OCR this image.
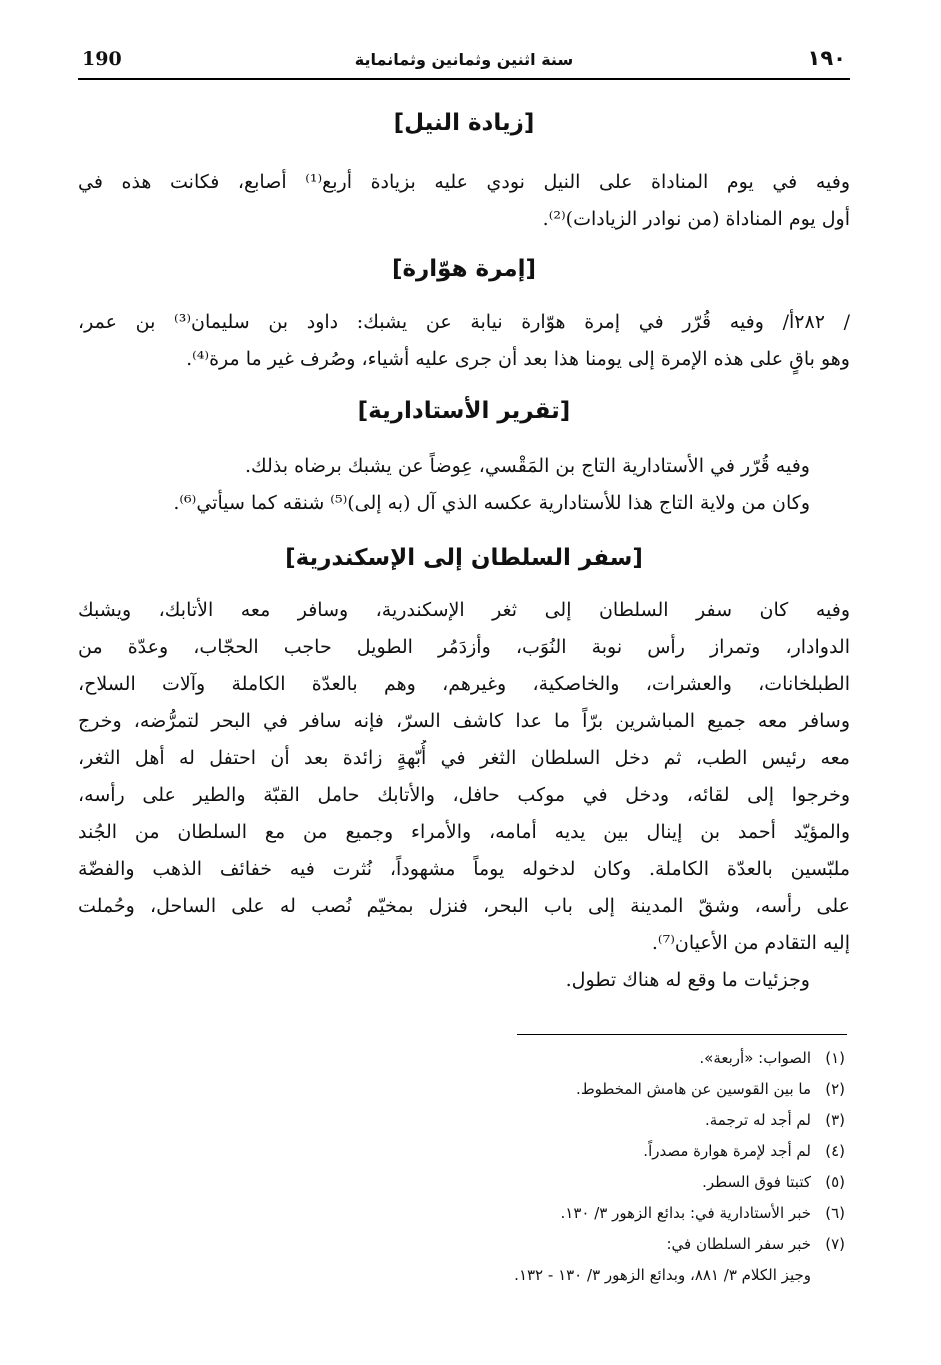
190	سنة اثنين وثمانين وثمانماية	١٩٠
[زيادة النيل]
وفيه في يوم المناداة على النيل نودي عليه بزيادة أربع⁽¹⁾ أصابع، فكانت هذه في
أول يوم المناداة (من نوادر الزيادات)⁽²⁾.
[إمرة هوّارة]
/ ٢٨٢أ/ وفيه قُرّر في إمرة هوّارة نيابة عن يشبك: داود بن سليمان⁽³⁾ بن عمر،
وهو باقٍ على هذه الإمرة إلى يومنا هذا بعد أن جرى عليه أشياء، وصُرف غير ما مرة⁽⁴⁾.
[تقرير الأستادارية]
وفيه قُرّر في الأستادارية التاج بن المَقْسي، عِوضاً عن يشبك برضاه بذلك.
وكان من ولاية التاج هذا للأستادارية عكسه الذي آل (به إلى)⁽⁵⁾ شنقه كما سيأتي⁽⁶⁾.
[سفر السلطان إلى الإسكندرية]
وفيه كان سفر السلطان إلى ثغر الإسكندرية، وسافر معه الأتابك، ويشبك
الدوادار، وتمراز رأس نوبة النُوَب، وأزدَمُر الطويل حاجب الحجّاب، وعدّة من
الطبلخانات، والعشرات، والخاصكية، وغيرهم، وهم بالعدّة الكاملة وآلات السلاح،
وسافر معه جميع المباشرين برّاً ما عدا كاشف السرّ، فإنه سافر في البحر لتمرُّضه، وخرج
معه رئيس الطب، ثم دخل السلطان الثغر في أُبّهةٍ زائدة بعد أن احتفل له أهل الثغر،
وخرجوا إلى لقائه، ودخل في موكب حافل، والأتابك حامل القبّة والطير على رأسه،
والمؤيّد أحمد بن إينال بين يديه أمامه، والأمراء وجميع من مع السلطان من الجُند
ملبّسين بالعدّة الكاملة. وكان لدخوله يوماً مشهوداً، نُثرت فيه خفائف الذهب والفضّة
على رأسه، وشقّ المدينة إلى باب البحر، فنزل بمخيّم نُصب له على الساحل، وحُملت
إليه التقادم من الأعيان⁽⁷⁾.
وجزئيات ما وقع له هناك تطول.
(١)الصواب: «أربعة».
(٢)ما بين القوسين عن هامش المخطوط.
(٣)لم أجد له ترجمة.
(٤)لم أجد لإمرة هوارة مصدراً.
(٥)كتبتا فوق السطر.
(٦)خبر الأستادارية في: بدائع الزهور ٣/ ١٣٠.
(٧)خبر سفر السلطان في:
وجيز الكلام ٣/ ٨٨١، وبدائع الزهور ٣/ ١٣٠ - ١٣٢.
